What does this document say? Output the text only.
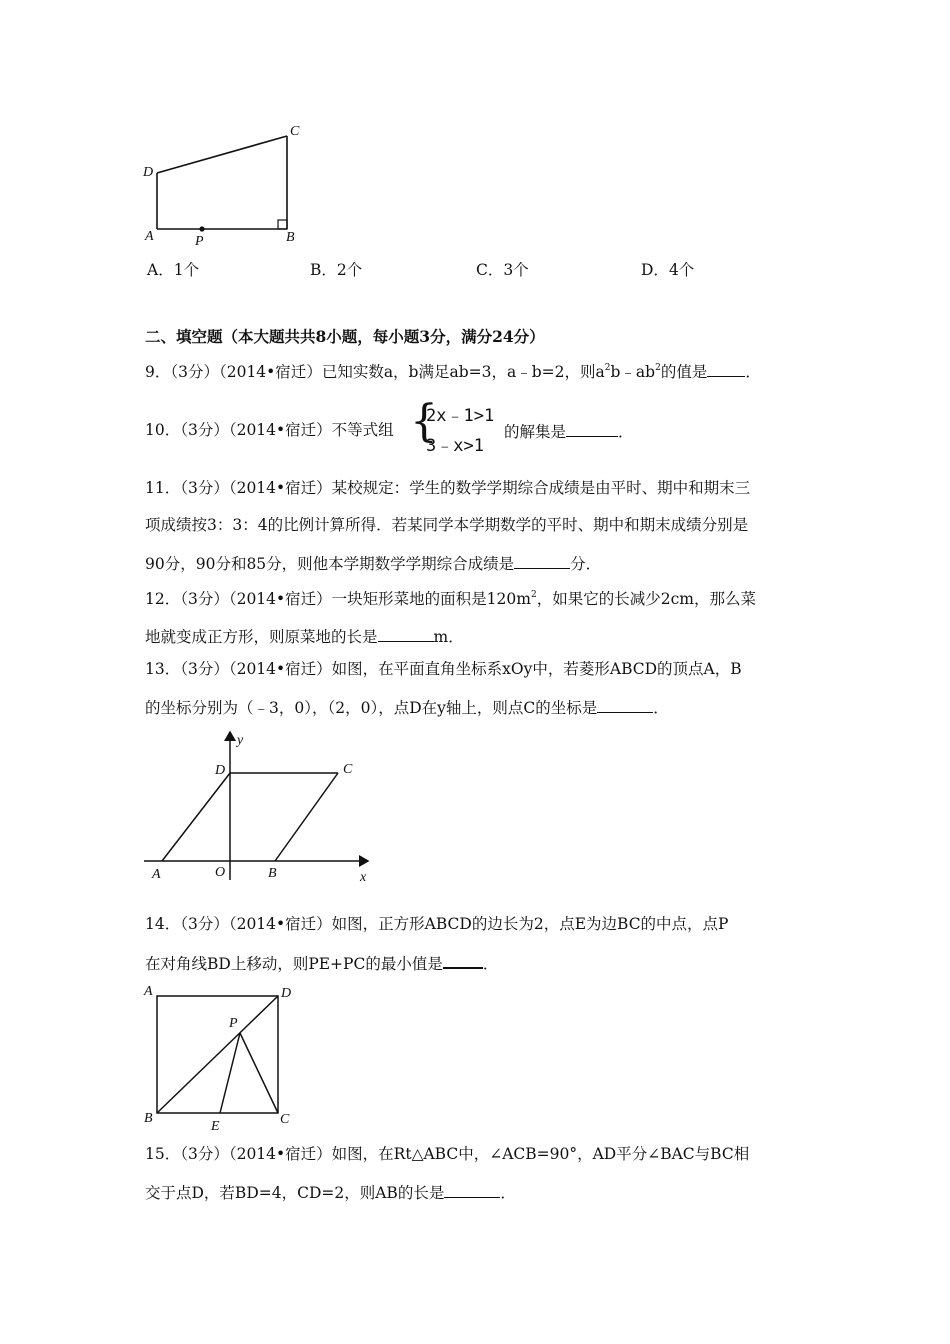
D
C
A	P	B
A．1个	B．2个	C．3个	D．4个
二、填空题（本大题共共8小题，每小题3分，满分24分）
9．（3分）（2014•宿迁）已知实数a，b满足ab=3，a﹣b=2，则$a^2b﹣ab^2$的值是 ．
10．（3分）（2014•宿迁）不等式组 {
2x﹣1>1
3﹣x>1
的解集是	．
11．（3分）（2014•宿迁）某校规定：学生的数学学期综合成绩是由平时、期中和期末三
项成绩按3：3：4的比例计算所得．若某同学本学期数学的平时、期中和期末成绩分别是
90分，90分和85分，则他本学期数学学期综合成绩是	分．
12．（3分）（2014•宿迁）一块矩形菜地的面积是$120m^2$，如果它的长减少2cm，那么菜
地就变成正方形，则原菜地的长是	m．
13．（3分）（2014•宿迁）如图，在平面直角坐标系xOy中，若菱形ABCD的顶点A，B
的坐标分别为（﹣3，0），（2，0），点D在y轴上，则点C的坐标是	．
y
D	C
A	O	B	x
14．（3分）（2014•宿迁）如图，正方形ABCD的边长为2，点E为边BC的中点，点P
在对角线BD上移动，则PE+PC的最小值是	．
A	D
P
B
E	C
15．（3分）（2014•宿迁）如图，在Rt△ABC中，∠ACB=90°，AD平分∠BAC与BC相
交于点D，若BD=4，CD=2，则AB的长是	．
